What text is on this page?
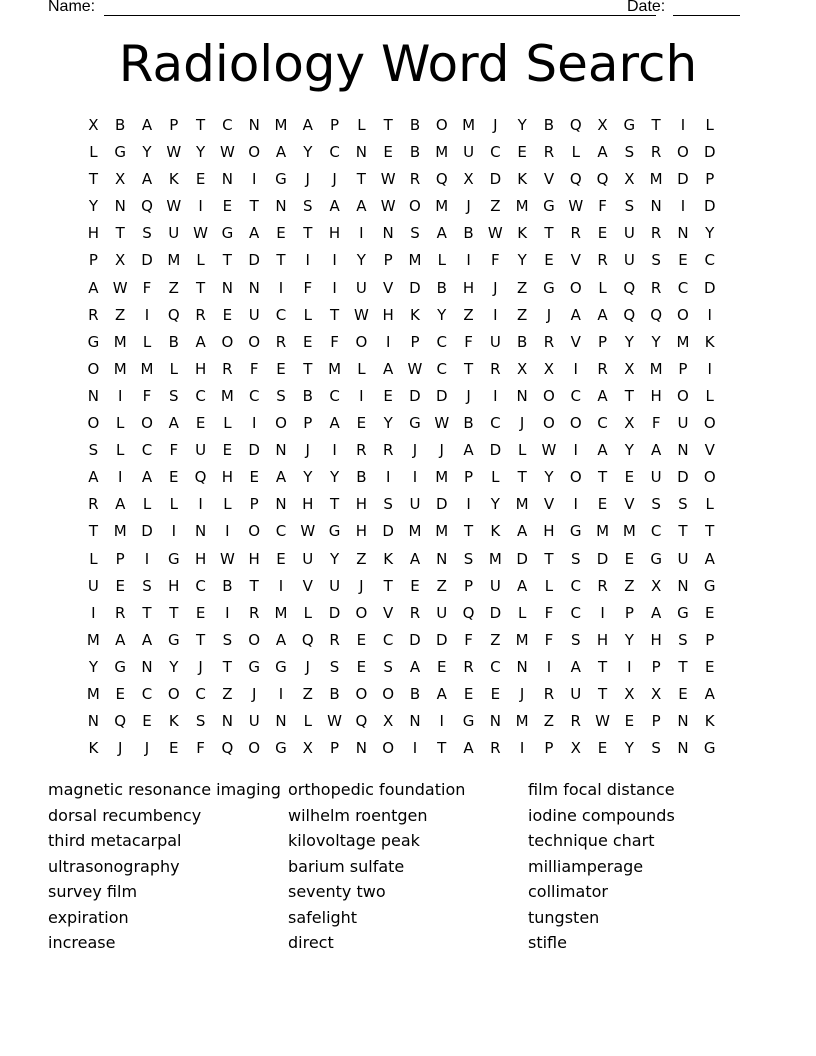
Name:	Date:
Radiology Word Search
X	B	A	P	T	C	N M	A	P	L	T	B	O M	J	Y	B	Q	X	G	T	I	L
L	G	Y W Y W O	A	Y	C	N	E	B	M U	C	E	R	L	A	S	R	O	D
T	X	A	K	E	N	I	G	J	J	T W R	Q	X	D	K	V	Q Q	X	M D	P
Y	N	Q W	I	E	T	N	S	A	A W O M	J	Z	M G W	F	S	N	I	D
H	T	S	U W G	A	E	T	H	I	N	S	A	B W K	T	R	E	U	R	N	Y
P	X	D M	L	T	D	T	I	I	Y	P	M	L	I	F	Y	E	V	R	U	S	E	C
A W	F	Z	T	N	N	I	F	I	U	V	D	B	H	J	Z	G	O	L	Q	R	C	D
R	Z	I	Q	R	E	U	C	L	T W H	K	Y	Z	I	Z	J	A	A	Q Q O	I
G M	L	B	A	O O	R	E	F	O	I	P	C	F	U	B	R	V	P	Y	Y	M	K
O M M	L	H	R	F	E	T	M	L	A W C	T	R	X	X	I	R	X	M	P	I
N	I	F	S	C	M	C	S	B	C	I	E	D	D	J	I	N	O	C	A	T	H	O	L
O	L	O	A	E	L	I	O	P	A	E	Y	G W B	C	J	O O	C	X	F	U	O
S	L	C	F	U	E	D	N	J	I	R	R	J	J	A	D	L	W	I	A	Y	A	N	V
A	I	A	E	Q	H	E	A	Y	Y	B	I	I	M	P	L	T	Y	O	T	E	U	D	O
R	A	L	L	I	L	P	N	H	T	H	S	U	D	I	Y	M	V	I	E	V	S	S	L
T	M D	I	N	I	O	C W G	H	D M M	T	K	A	H	G M M	C	T	T
L	P	I	G	H W H	E	U	Y	Z	K	A	N	S	M D	T	S	D	E	G	U	A
U	E	S	H	C	B	T	I	V	U	J	T	E	Z	P	U	A	L	C	R	Z	X	N	G
I	R	T	T	E	I	R	M	L	D	O	V	R	U	Q	D	L	F	C	I	P	A	G	E
M	A	A	G	T	S	O	A	Q	R	E	C	D	D	F	Z	M	F	S	H	Y	H	S	P
Y	G	N	Y	J	T	G	G	J	S	E	S	A	E	R	C	N	I	A	T	I	P	T	E
M	E	C	O	C	Z	J	I	Z	B	O O	B	A	E	E	J	R	U	T	X	X	E	A
N	Q	E	K	S	N	U	N	L	W Q	X	N	I	G	N M	Z	R W E	P	N	K
K	J	J	E	F	Q O	G	X	P	N	O	I	T	A	R	I	P	X	E	Y	S	N	G
magnetic resonance imaging
dorsal recumbency
third metacarpal
ultrasonography
survey film
expiration
increase
orthopedic foundation
wilhelm roentgen
kilovoltage peak
barium sulfate
seventy two
safelight
direct
film focal distance
iodine compounds
technique chart
milliamperage
collimator
tungsten
stifle
